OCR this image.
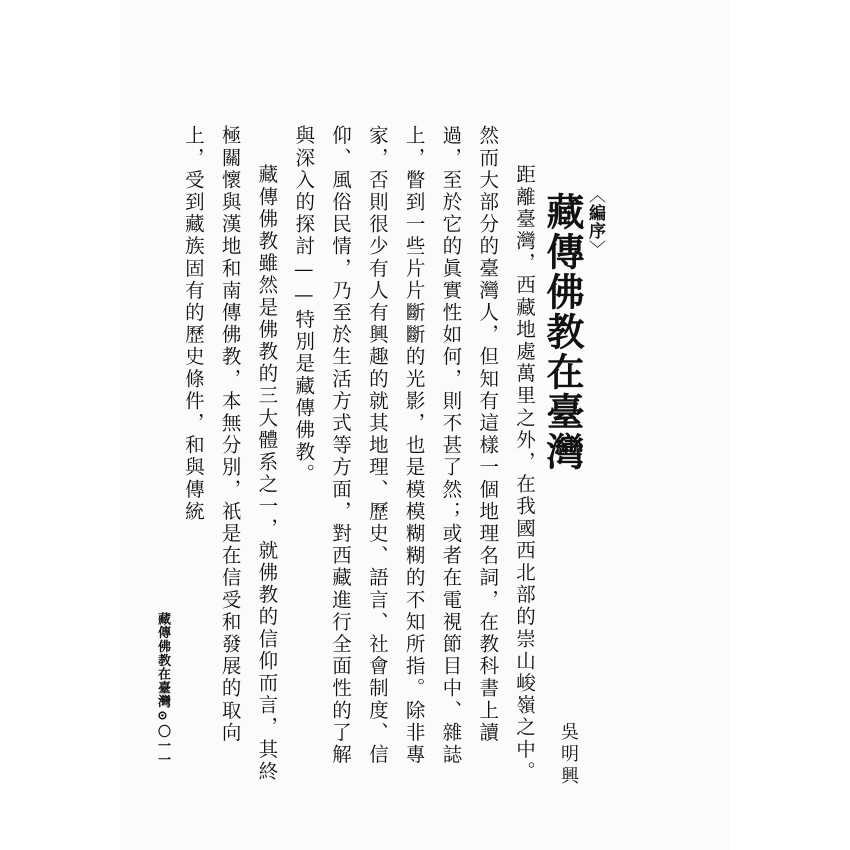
〈編序〉
藏傳佛教在臺灣
吳明興

距離臺灣，西藏地處萬里之外，在我國西北部的崇山峻嶺之中。然而大部分的臺灣人，但知有這樣一個地理名詞，在教科書上讀過，至於它的眞實性如何，則不甚了然；或者在電視節目中、雜誌上，瞥到一些片片斷斷的光影，也是模模糊糊的不知所指。除非專家，否則很少有人有興趣的就其地理、歷史、語言、社會制度、信仰、風俗民情，乃至於生活方式等方面，對西藏進行全面性的了解與深入的探討——特別是藏傳佛教。

藏傳佛教雖然是佛教的三大體系之一，就佛教的信仰而言，其終極關懷與漢地和南傳佛教，本無分別，祇是在信受和發展的取向上，受到藏族固有的歷史條件，和與傳統

藏傳佛教在臺灣⊙〇一一
